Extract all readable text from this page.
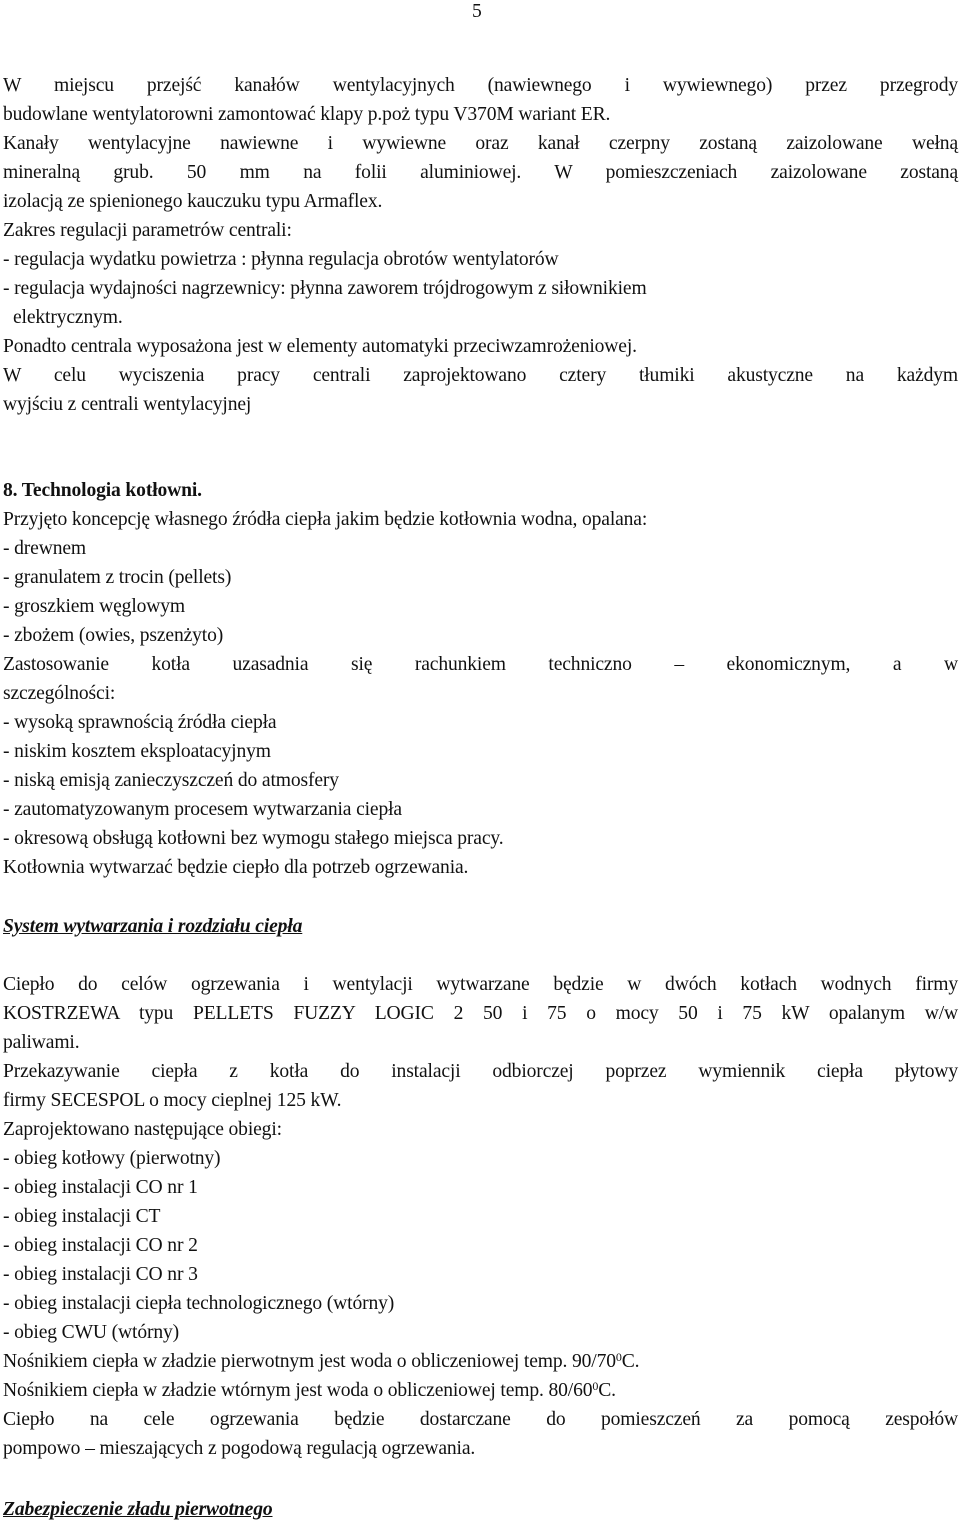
5
W miejscu przejść kanałów wentylacyjnych (nawiewnego i wywiewnego) przez przegrody
budowlane wentylatorowni zamontować klapy p.poż typu V370M wariant ER.
Kanały wentylacyjne nawiewne i wywiewne oraz kanał czerpny zostaną zaizolowane wełną
mineralną grub. 50 mm na folii aluminiowej. W pomieszczeniach zaizolowane zostaną
izolacją ze spienionego kauczuku typu Armaflex.
Zakres regulacji parametrów centrali:
- regulacja wydatku powietrza : płynna regulacja obrotów wentylatorów
- regulacja wydajności nagrzewnicy: płynna zaworem trójdrogowym z siłownikiem
elektrycznym.
Ponadto centrala wyposażona jest w elementy automatyki przeciwzamrożeniowej.
W celu wyciszenia pracy centrali zaprojektowano cztery tłumiki akustyczne na każdym
wyjściu z centrali wentylacyjnej
8. Technologia kotłowni.
Przyjęto koncepcję własnego źródła ciepła jakim będzie kotłownia wodna, opalana:
- drewnem
- granulatem z trocin (pellets)
- groszkiem węglowym
- zbożem (owies, pszenżyto)
Zastosowanie kotła uzasadnia się rachunkiem techniczno – ekonomicznym, a w
szczególności:
- wysoką sprawnością źródła ciepła
- niskim kosztem eksploatacyjnym
- niską emisją zanieczyszczeń do atmosfery
- zautomatyzowanym procesem wytwarzania ciepła
- okresową obsługą kotłowni bez wymogu stałego miejsca pracy.
Kotłownia wytwarzać będzie ciepło dla potrzeb ogrzewania.
System wytwarzania i rozdziału ciepła
Ciepło do celów ogrzewania i wentylacji wytwarzane będzie w dwóch kotłach wodnych firmy
KOSTRZEWA typu PELLETS FUZZY LOGIC 2 50 i 75 o mocy 50 i 75 kW opalanym w/w
paliwami.
Przekazywanie ciepła z kotła do instalacji odbiorczej poprzez wymiennik ciepła płytowy
firmy SECESPOL o mocy cieplnej 125 kW.
Zaprojektowano następujące obiegi:
- obieg kotłowy (pierwotny)
- obieg instalacji CO nr 1
- obieg instalacji CT
- obieg instalacji CO nr 2
- obieg instalacji CO nr 3
- obieg instalacji ciepła technologicznego (wtórny)
- obieg CWU (wtórny)
Nośnikiem ciepła w zładzie pierwotnym jest woda o obliczeniowej temp. $90/70^0C$.
Nośnikiem ciepła w zładzie wtórnym jest woda o obliczeniowej temp. $80/60^0C$.
Ciepło na cele ogrzewania będzie dostarczane do pomieszczeń za pomocą zespołów
pompowo – mieszających z pogodową regulacją ogrzewania.
Zabezpieczenie zładu pierwotnego
